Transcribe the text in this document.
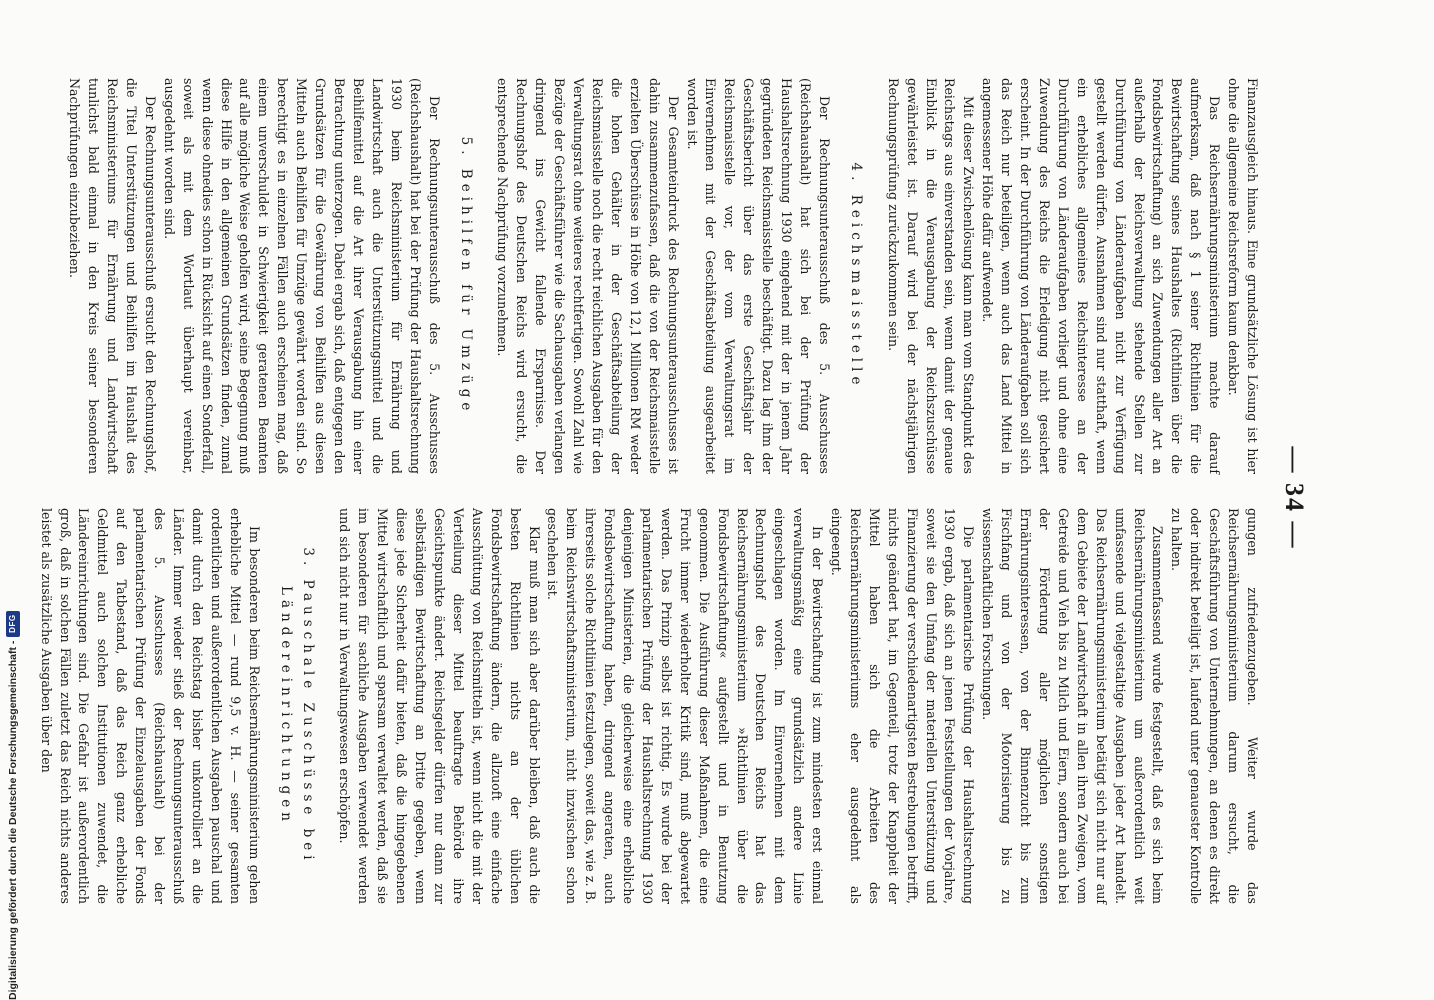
— 34 —

Finanzausgleich hinaus. Eine grundsätzliche Lösung ist hier ohne die allgemeine Reichsreform kaum denkbar.

Das Reichsernährungsministerium machte darauf aufmerksam, daß nach § 1 seiner Richtlinien für die Bewirtschaftung seines Haushaltes (Richtlinien über die Fondsbewirtschaftung) an sich Zuwendungen aller Art an außerhalb der Reichsverwaltung stehende Stellen zur Durchführung von Länderaufgaben nicht zur Verfügung gestellt werden dürfen. Ausnahmen sind nur statthaft, wenn ein erhebliches allgemeines Reichsinteresse an der Durchführung von Länderaufgaben vorliegt und ohne eine Zuwendung des Reichs die Erledigung nicht gesichert erscheint. In der Durchführung von Länderaufgaben soll sich das Reich nur beteiligen, wenn auch das Land Mittel in angemessener Höhe dafür aufwendet.

Mit dieser Zwischenlösung kann man vom Standpunkt des Reichstags aus einverstanden sein, wenn damit der genaue Einblick in die Verausgabung der Reichszuschüsse gewährleistet ist. Darauf wird bei der nächstjährigen Rechnungsprüfung zurückzukommen sein.

4. Reichsmaisstelle

Der Rechnungsunterausschuß des 5. Ausschusses (Reichshaushalt) hat sich bei der Prüfung der Haushaltsrechnung 1930 eingehend mit der in jenem Jahr gegründeten Reichsmaisstelle beschäftigt. Dazu lag ihm der Geschäftsbericht über das erste Geschäftsjahr der Reichsmaisstelle vor, der vom Verwaltungsrat im Einvernehmen mit der Geschäftsabteilung ausgearbeitet worden ist.

Der Gesamteindruck des Rechnungsunterausschusses ist dahin zusammenzufassen, daß die von der Reichsmaisstelle erzielten Überschüsse in Höhe von 12,1 Millionen RM weder die hohen Gehälter in der Geschäftsabteilung der Reichsmaisstelle noch die recht reichlichen Ausgaben für den Verwaltungsrat ohne weiteres rechtfertigen. Sowohl Zahl wie Bezüge der Geschäftsführer wie die Sachausgaben verlangen dringend ins Gewicht fallende Ersparnisse. Der Rechnungshof des Deutschen Reichs wird ersucht, die entsprechende Nachprüfung vorzunehmen.

5. Beihilfen für Umzüge

Der Rechnungsunterausschuß des 5. Ausschusses (Reichshaushalt) hat bei der Prüfung der Haushaltsrechnung 1930 beim Reichsministerium für Ernährung und Landwirtschaft auch die Unterstützungsmittel und die Beihilfemittel auf die Art ihrer Verausgabung hin einer Betrachtung unterzogen. Dabei ergab sich, daß entgegen den Grundsätzen für die Gewährung von Beihilfen aus diesen Mitteln auch Beihilfen für Umzüge gewährt worden sind. So berechtigt es in einzelnen Fällen auch erscheinen mag, daß einem unverschuldet in Schwierigkeit geratenen Beamten auf alle mögliche Weise geholfen wird, seine Begegnung muß diese Hilfe in den allgemeinen Grundsätzen finden, zumal wenn diese ohnedies schon in Rücksicht auf einen Sonderfall, soweit als mit dem Wortlaut überhaupt vereinbar, ausgedehnt worden sind.

Der Rechnungsunterausschuß ersucht den Rechnungshof, die Titel Unterstützungen und Beihilfen im Haushalt des Reichsministeriums für Ernährung und Landwirtschaft tunlichst bald einmal in den Kreis seiner besonderen Nachprüfungen einzubeziehen.

gungen zufriedenzugeben. Weiter wurde das Reichsernährungsministerium darum ersucht, die Geschäftsführung von Unternehmungen, an denen es direkt oder indirekt beteiligt ist, laufend unter genauester Kontrolle zu halten.

Zusammenfassend wurde festgestellt, daß es sich beim Reichsernährungsministerium um außerordentlich weit umfassende und vielgestaltige Ausgaben jeder Art handelt. Das Reichsernährungsministerium betätigt sich nicht nur auf dem Gebiete der Landwirtschaft in allen ihren Zweigen, vom Getreide und Vieh bis zu Milch und Eiern, sondern auch bei der Förderung aller möglichen sonstigen Ernährungsinteressen, von der Binnenzucht bis zum Fischfang und von der Motorisierung bis zu wissenschaftlichen Forschungen.

Die parlamentarische Prüfung der Haushaltsrechnung 1930 ergab, daß sich an jenen Feststellungen der Vorjahre, soweit sie den Umfang der materiellen Unterstützung und Finanzierung der verschiedenartigsten Bestrebungen betrifft, nichts geändert hat, im Gegenteil, trotz der Knappheit der Mittel haben sich die Arbeiten des Reichsernährungsministeriums eher ausgedehnt als eingeengt.

In der Bewirtschaftung ist zum mindesten erst einmal verwaltungsmäßig eine grundsätzlich andere Linie eingeschlagen worden. Im Einvernehmen mit dem Rechnungshof des Deutschen Reichs hat das Reichsernährungsministerium »Richtlinien über die Fondsbewirtschaftung« aufgestellt und in Benutzung genommen. Die Ausführung dieser Maßnahmen, die eine Frucht immer wiederholter Kritik sind, muß abgewartet werden. Das Prinzip selbst ist richtig. Es wurde bei der parlamentarischen Prüfung der Haushaltsrechnung 1930 denjenigen Ministerien, die gleicherweise eine erhebliche Fondsbewirtschaftung haben, dringend angeraten, auch ihrerseits solche Richtlinien festzulegen, soweit das, wie z. B. beim Reichswirtschaftsministerium, nicht inzwischen schon geschehen ist.

Klar muß man sich aber darüber bleiben, daß auch die besten Richtlinien nichts an der üblichen Fondsbewirtschaftung ändern, die allzuoft eine einfache Ausschüttung von Reichsmitteln ist, wenn nicht die mit der Verteilung dieser Mittel beauftragte Behörde ihre Gesichtspunkte ändert. Reichsgelder dürfen nur dann zur selbständigen Bewirtschaftung an Dritte gegeben, wenn diese jede Sicherheit dafür bieten, daß die hingegebenen Mittel wirtschaftlich und sparsam verwaltet werden, daß sie im besonderen für sachliche Ausgaben verwendet werden und sich nicht nur in Verwaltungswesen erschöpfen.

3. Pauschale Zuschüsse bei Ländereinrichtungen

Im besonderen beim Reichsernährungsministerium gehen erhebliche Mittel — rund 9,5 v. H. — seiner gesamten ordentlichen und außerordentlichen Ausgaben pauschal und damit durch den Reichstag bisher unkontrolliert an die Länder. Immer wieder stieß der Rechnungsunterausschuß des 5. Ausschusses (Reichshaushalt) bei der parlamentarischen Prüfung der Einzelausgaben der Fonds auf den Tatbestand, daß das Reich ganz erhebliche Geldmittel auch solchen Institutionen zuwendet, die Ländereinrichtungen sind. Die Gefahr ist außerordentlich groß, daß in solchen Fällen zuletzt das Reich nichts anderes leistet als zusätzliche Ausgaben über den

Digitalisierung gefördert durch die Deutsche Forschungsgemeinschaft -
DFG
